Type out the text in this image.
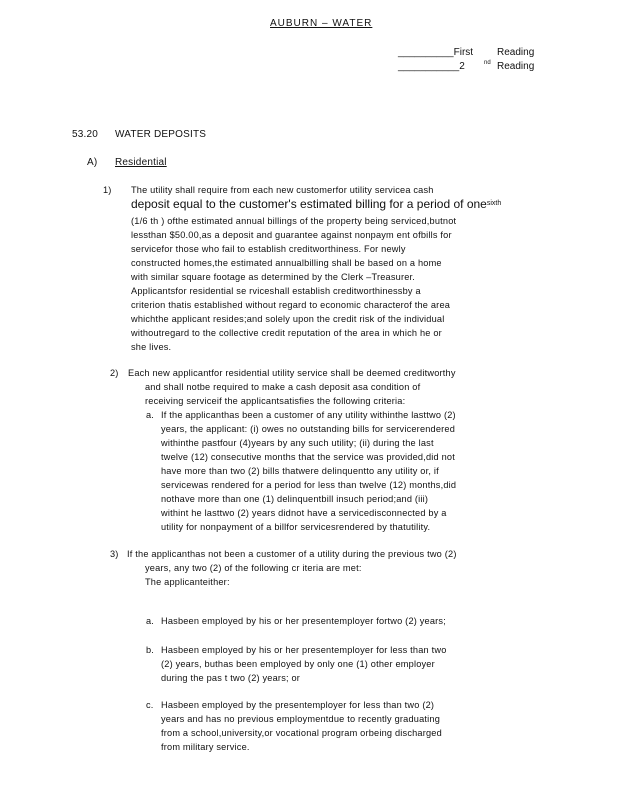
AUBURN – WATER
__________First Reading
___________2	nd Reading
53.20 WATER DEPOSITS
A) Residential
1) The utility shall require from each new customerfor utility servicea cash
deposit equal to the customer's estimated billing for a period of one$^{sixth}$
(1/6 th ) ofthe estimated annual billings of the property being serviced,butnot
lessthan $50.00,as a deposit and guarantee against nonpaym ent ofbills for
servicefor those who fail to establish creditworthiness. For newly
constructed homes,the estimated annualbilling shall be based on a home
with similar square footage as determined by the Clerk –Treasurer.
Applicantsfor residential se rviceshall establish creditworthinessby a
criterion thatis established without regard to economic characterof the area
whichthe applicant resides;and solely upon the credit risk of the individual
withoutregard to the collective credit reputation of the area in which he or
she lives.
2) Each new applicantfor residential utility service shall be deemed creditworthy
and shall notbe required to make a cash deposit asa condition of
receiving serviceif the applicantsatisfies the following criteria:
a. If the applicanthas been a customer of any utility withinthe lasttwo (2)
years, the applicant: (i) owes no outstanding bills for servicerendered
withinthe pastfour (4)years by any such utility; (ii) during the last
twelve (12) consecutive months that the service was provided,did not
have more than two (2) bills thatwere delinquentto any utility or, if
servicewas rendered for a period for less than twelve (12) months,did
nothave more than one (1) delinquentbill insuch period;and (iii)
withint he lasttwo (2) years didnot have a servicedisconnected by a
utility for nonpayment of a billfor servicesrendered by thatutility.
3) If the applicanthas not been a customer of a utility during the previous two (2)
years, any two (2) of the following cr iteria are met:
The applicanteither:
a. Hasbeen employed by his or her presentemployer fortwo (2) years;
b. Hasbeen employed by his or her presentemployer for less than two
(2) years, buthas been employed by only one (1) other employer
during the pas t two (2) years; or
c. Hasbeen employed by the presentemployer for less than two (2)
years and has no previous employmentdue to recently graduating
from a school,university,or vocational program orbeing discharged
from military service.
